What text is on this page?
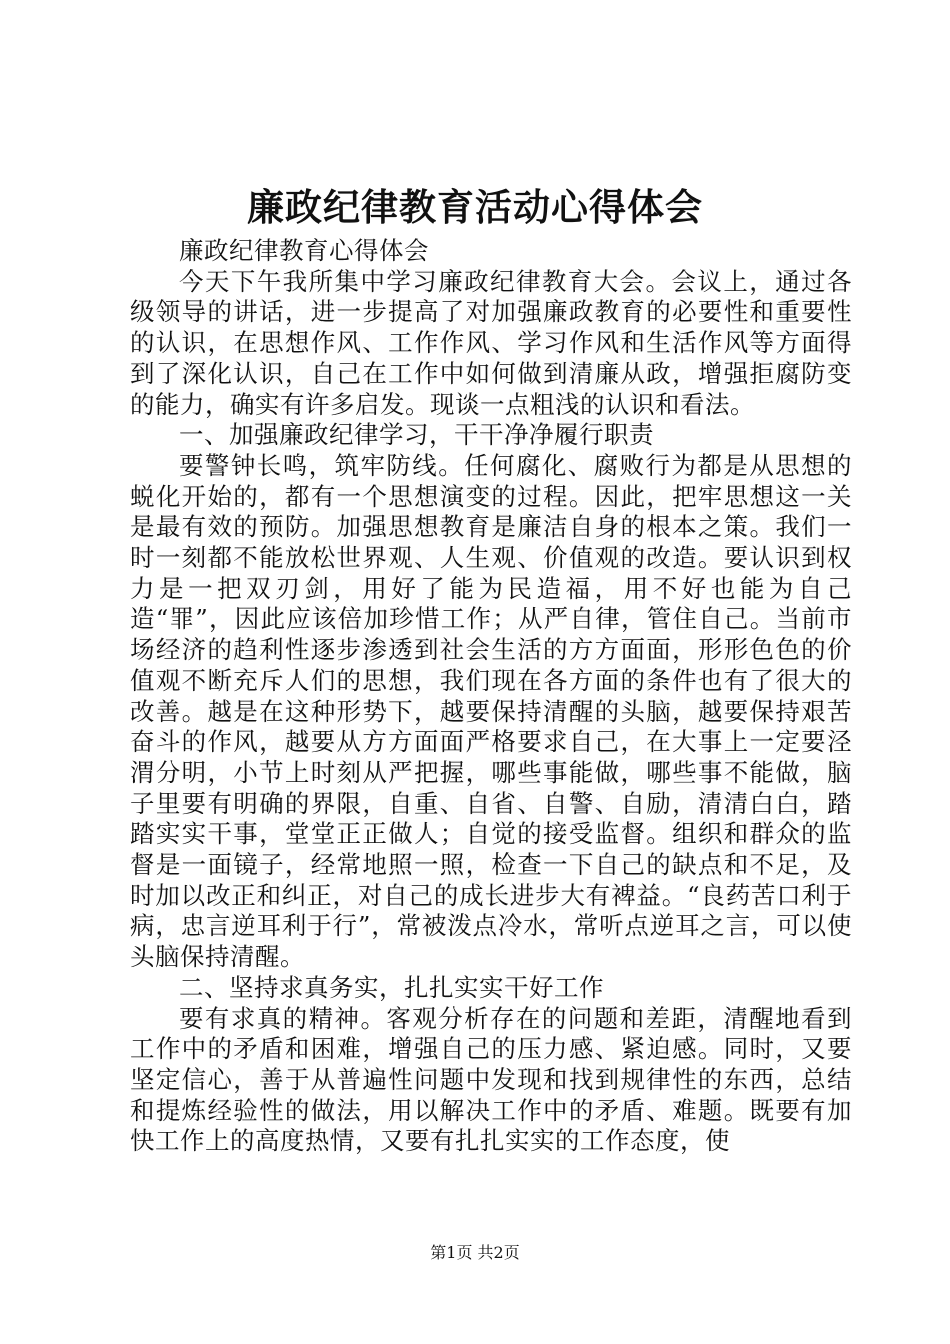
廉政纪律教育活动心得体会

廉政纪律教育心得体会

今天下午我所集中学习廉政纪律教育大会。会议上，通过各级领导的讲话，进一步提高了对加强廉政教育的必要性和重要性的认识，在思想作风、工作作风、学习作风和生活作风等方面得到了深化认识，自己在工作中如何做到清廉从政，增强拒腐防变的能力，确实有许多启发。现谈一点粗浅的认识和看法。

一、加强廉政纪律学习，干干净净履行职责

要警钟长鸣，筑牢防线。任何腐化、腐败行为都是从思想的蜕化开始的，都有一个思想演变的过程。因此，把牢思想这一关是最有效的预防。加强思想教育是廉洁自身的根本之策。我们一时一刻都不能放松世界观、人生观、价值观的改造。要认识到权力是一把双刃剑，用好了能为民造福，用不好也能为自己造“罪”，因此应该倍加珍惜工作；从严自律，管住自己。当前市场经济的趋利性逐步渗透到社会生活的方方面面，形形色色的价值观不断充斥人们的思想，我们现在各方面的条件也有了很大的改善。越是在这种形势下，越要保持清醒的头脑，越要保持艰苦奋斗的作风，越要从方方面面严格要求自己，在大事上一定要泾渭分明，小节上时刻从严把握，哪些事能做，哪些事不能做，脑子里要有明确的界限，自重、自省、自警、自励，清清白白，踏踏实实干事，堂堂正正做人；自觉的接受监督。组织和群众的监督是一面镜子，经常地照一照，检查一下自己的缺点和不足，及时加以改正和纠正，对自己的成长进步大有裨益。“良药苦口利于病，忠言逆耳利于行”，常被泼点冷水，常听点逆耳之言，可以使头脑保持清醒。

二、坚持求真务实，扎扎实实干好工作

要有求真的精神。客观分析存在的问题和差距，清醒地看到工作中的矛盾和困难，增强自己的压力感、紧迫感。同时，又要坚定信心，善于从普遍性问题中发现和找到规律性的东西，总结和提炼经验性的做法，用以解决工作中的矛盾、难题。既要有加快工作上的高度热情，又要有扎扎实实的工作态度，使

第1页 共2页
